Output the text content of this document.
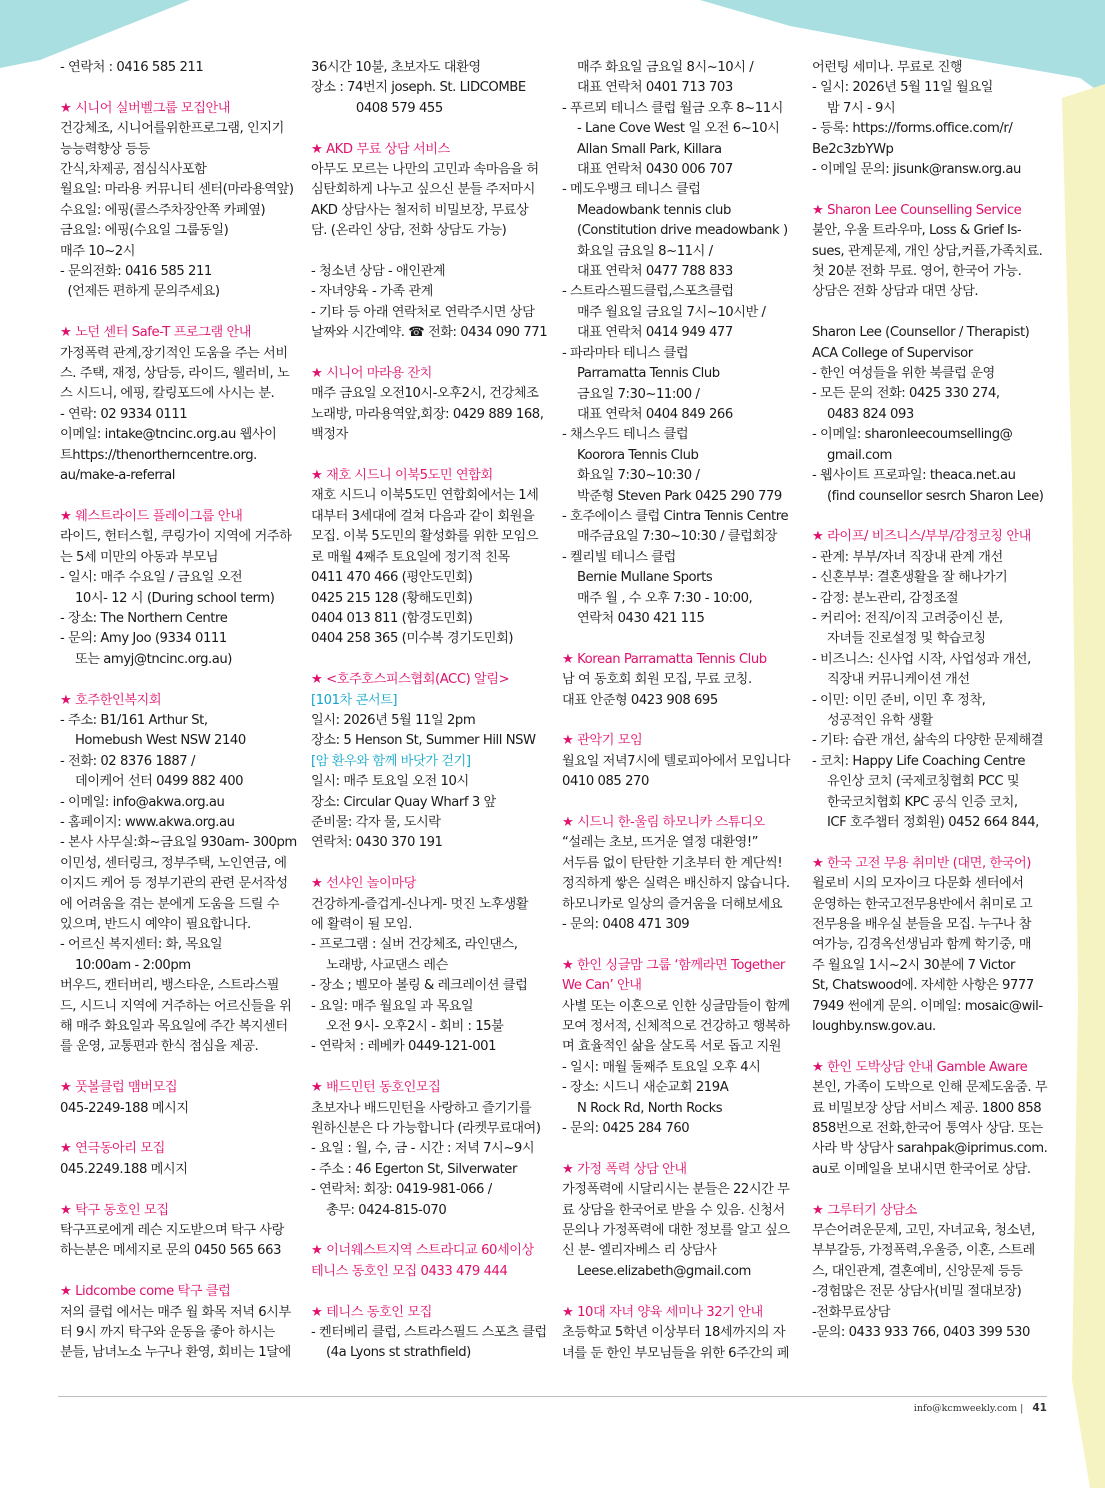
- 연락처 : 0416 585 211
★ 시니어 실버벨그룹 모집안내
건강체조, 시니어를위한프로그램, 인지기
능능력향상 등등
간식,차제공, 점심식사포함
월요일: 마라용 커뮤니티 센터(마라용역앞)
수요일: 에핑(콜스주차장안쪽 카페옆)
금요일: 에핑(수요일 그룹동일)
매주 10~2시
- 문의전화: 0416 585 211
(언제든 편하게 문의주세요)
★ 노던 센터 Safe-T 프로그램 안내
가정폭력 관계,장기적인 도움을 주는 서비
스. 주택, 재정, 상담등, 라이드, 웰러비, 노
스 시드니, 에핑, 칼링포드에 사시는 분.
- 연락: 02 9334 0111
이메일: intake@tncinc.org.au 웹사이
트https://thenortherncentre.org.
au/make-a-referral
★ 웨스트라이드 플레이그룹 안내
라이드, 헌터스힐, 쿠링가이 지역에 거주하
는 5세 미만의 아동과 부모님
- 일시: 매주 수요일 / 금요일 오전
10시- 12 시 (During school term)
- 장소: The Northern Centre
- 문의: Amy Joo (9334 0111
또는 amyj@tncinc.org.au)
★ 호주한인복지회
- 주소: B1/161 Arthur St,
Homebush West NSW 2140
- 전화: 02 8376 1887 /
데이케어 선터 0499 882 400
- 이메일: info@akwa.org.au
- 홈페이지: www.akwa.org.au
- 본사 사무실:화~금요일 930am- 300pm
이민성, 센터링크, 정부주택, 노인연금, 에
이지드 케어 등 정부기관의 관련 문서작성
에 어려움을 겪는 분에게 도움을 드릴 수
있으며, 반드시 예약이 필요합니다.
- 어르신 복지센터: 화, 목요일
10:00am - 2:00pm
버우드, 캔터버리, 뱅스타운, 스트라스필
드, 시드니 지역에 거주하는 어르신들을 위
해 매주 화요일과 목요일에 주간 복지센터
를 운영, 교통편과 한식 점심을 제공.
★ 풋볼클럽 맴버모집
045-2249-188 메시지
★ 연극동아리 모집
045.2249.188 메시지
★ 탁구 동호인 모집
탁구프로에게 레슨 지도받으며 탁구 사랑
하는분은 메세지로 문의 0450 565 663
★ Lidcombe come 탁구 클럽
저의 클럽 에서는 매주 월 화목 저녁 6시부
터 9시 까지 탁구와 운동을 좋아 하시는
분들, 남녀노소 누구나 환영, 회비는 1달에
36시간 10불, 초보자도 대환영
장소 : 74번지 joseph. St. LIDCOMBE
0408 579 455
★ AKD 무료 상담 서비스
아무도 모르는 나만의 고민과 속마음을 허
심탄회하게 나누고 싶으신 분들 주저마시
AKD 상담사는 철저히 비밀보장, 무료상
담. (온라인 상담, 전화 상담도 가능)

- 청소년 상담 - 애인관계
- 자녀양육 - 가족 관계
- 기타 등 아래 연락처로 연락주시면 상담
날짜와 시간예약. ☎ 전화: 0434 090 771
★ 시니어 마라용 잔치
매주 금요일 오전10시-오후2시, 건강체조
노래방, 마라용역앞,회장: 0429 889 168,
백정자
★ 재호 시드니 이북5도민 연합회
재호 시드니 이북5도민 연합회에서는 1세
대부터 3세대에 걸쳐 다음과 같이 회원을
모집. 이북 5도민의 활성화를 위한 모임으
로 매월 4째주 토요일에 정기적 친목
0411 470 466 (평안도민회)
0425 215 128 (황해도민회)
0404 013 811 (함경도민회)
0404 258 365 (미수복 경기도민회)
★ <호주호스피스협회(ACC) 알림>
[101차 콘서트]
일시: 2026년 5월 11일 2pm
장소: 5 Henson St, Summer Hill NSW
[암 환우와 함께 바닷가 걷기]
일시: 매주 토요일 오전 10시
장소: Circular Quay Wharf 3 앞
준비물: 각자 물, 도시락
연락처: 0430 370 191
★ 선샤인 놀이마당
건강하게-즐겁게-신나게- 멋진 노후생활
에 활력이 될 모임.
- 프로그램 : 실버 건강체조, 라인댄스,
노래방, 사교댄스 레슨
- 장소 ; 벨모아 볼링 & 레크레이션 클럽
- 요일: 매주 월요일 과 목요일
오전 9시- 오후2시 - 회비 : 15불
- 연락처 : 레베카 0449-121-001
★ 배드민턴 동호인모집
초보자나 배드민턴을 사랑하고 즐기기를
원하신분은 다 가능합니다 (라켓무료대여)
- 요일 : 월, 수, 금 - 시간 : 저녁 7시~9시
- 주소 : 46 Egerton St, Silverwater
- 연락처: 회장: 0419-981-066 /
총무: 0424-815-070
★ 이너웨스트지역 스트라디교 60세이상 테니스 동호인 모집 0433 479 444
★ 테니스 동호인 모집
- 켄터베리 클럽, 스트라스필드 스포츠 클럽
(4a Lyons st strathfield)
매주 화요일 금요일 8시~10시 /
대표 연락처 0401 713 703
- 푸르뫼 테니스 클럽 월금 오후 8~11시
- Lane Cove West 일 오전 6~10시
Allan Small Park, Killara
대표 연락처 0430 006 707
- 메도우뱅크 테니스 클럽
Meadowbank tennis club
(Constitution drive meadowbank )
화요일 금요일 8~11시 /
대표 연락처 0477 788 833
- 스트라스필드클럽,스포츠클럽
매주 월요일 금요일 7시~10시반 /
대표 연락처 0414 949 477
- 파라마타 테니스 클럽
Parramatta Tennis Club
금요일 7:30~11:00 /
대표 연락처 0404 849 266
- 채스우드 테니스 클럽
Koorora Tennis Club
화요일 7:30~10:30 /
박준형 Steven Park 0425 290 779
- 호주에이스 클럽 Cintra Tennis Centre
매주금요일 7:30~10:30 / 클럽회장
- 켈리빌 테니스 클럽
Bernie Mullane Sports
매주 월 , 수 오후 7:30 - 10:00,
연락처 0430 421 115
★ Korean Parramatta Tennis Club
남 여 동호회 회원 모집, 무료 코칭.
대표 안준형 0423 908 695
★ 관악기 모임
월요일 저녁7시에 텔로피아에서 모입니다
0410 085 270
★ 시드니 한-울림 하모니카 스튜디오
“설레는 초보, 뜨거운 열정 대환영!”
서두름 없이 탄탄한 기초부터 한 계단씩!
정직하게 쌓은 실력은 배신하지 않습니다.
하모니카로 일상의 즐거움을 더해보세요
- 문의: 0408 471 309
★ 한인 싱글맘 그룹 ‘함께라면 Together We Can’ 안내
사별 또는 이혼으로 인한 싱글맘들이 함께
모여 정서적, 신체적으로 건강하고 행복하
며 효율적인 삶을 살도록 서로 돕고 지원
- 일시: 매월 둘째주 토요일 오후 4시
- 장소: 시드니 새순교회 219A
N Rock Rd, North Rocks
- 문의: 0425 284 760
★ 가정 폭력 상담 안내
가정폭력에 시달리시는 분들은 22시간 무
료 상담을 한국어로 받을 수 있음. 신청서
문의나 가정폭력에 대한 정보를 알고 싶으
신 분- 엘리자베스 리 상담사
Leese.elizabeth@gmail.com
★ 10대 자녀 양육 세미나 32기 안내
초등학교 5학년 이상부터 18세까지의 자
녀를 둔 한인 부모님들을 위한 6주간의 페
어런팅 세미나. 무료로 진행
- 일시: 2026년 5월 11일 월요일
밤 7시 - 9시
- 등록: https://forms.office.com/r/
Be2c3zbYWp
- 이메일 문의: jisunk@ransw.org.au
★ Sharon Lee Counselling Service
불안, 우울 트라우마, Loss & Grief Is-
sues, 관계문제, 개인 상담,커플,가족치료.
첫 20분 전화 무료. 영어, 한국어 가능.
상담은 전화 상담과 대면 상담.

Sharon Lee (Counsellor / Therapist)
ACA College of Supervisor
- 한인 여성들을 위한 북클럽 운영
- 모든 문의 전화: 0425 330 274,
0483 824 093
- 이메일: sharonleecoumselling@
gmail.com
- 웹사이트 프로파일: theaca.net.au
(find counsellor sesrch Sharon Lee)
★ 라이프/ 비즈니스/부부/감정코칭 안내
- 관계: 부부/자녀 직장내 관계 개선
- 신혼부부: 결혼생활을 잘 해나가기
- 감정: 분노관리, 감정조절
- 커리어: 전직/이직 고려중이신 분,
자녀들 진로설정 및 학습코칭
- 비즈니스: 신사업 시작, 사업성과 개선,
직장내 커뮤니케이션 개선
- 이민: 이민 준비, 이민 후 정착,
성공적인 유학 생활
- 기타: 습관 개선, 삶속의 다양한 문제해결
- 코치: Happy Life Coaching Centre
유인상 코치 (국제코칭협회 PCC 및
한국코치협회 KPC 공식 인증 코치,
ICF 호주챕터 정회원) 0452 664 844,
★ 한국 고전 무용 취미반 (대면, 한국어)
윌로비 시의 모자이크 다문화 센터에서
운영하는 한국고전무용반에서 취미로 고
전무용을 배우실 분들을 모집. 누구나 참
여가능, 김경옥선생님과 함께 학기중, 매
주 월요일 1시~2시 30분에 7 Victor
St, Chatswood에. 자세한 사항은 9777
7949 썬에게 문의. 이메일: mosaic@wil-
loughby.nsw.gov.au.
★ 한인 도박상담 안내 Gamble Aware
본인, 가족이 도박으로 인해 문제도움줌. 무
료 비밀보장 상담 서비스 제공. 1800 858
858번으로 전화,한국어 통역사 상담. 또는
사라 박 상담사 sarahpak@iprimus.com.
au로 이메일을 보내시면 한국어로 상담.
★ 그루터기 상담소
무슨어려운문제, 고민, 자녀교육, 청소년,
부부갈등, 가정폭력,우울증, 이혼, 스트레
스, 대인관계, 결혼예비, 신앙문제 등등
-경험많은 전문 상담사(비밀 절대보장)
-전화무료상담
-문의: 0433 933 766, 0403 399 530
info@kcmweekly.com | 41
